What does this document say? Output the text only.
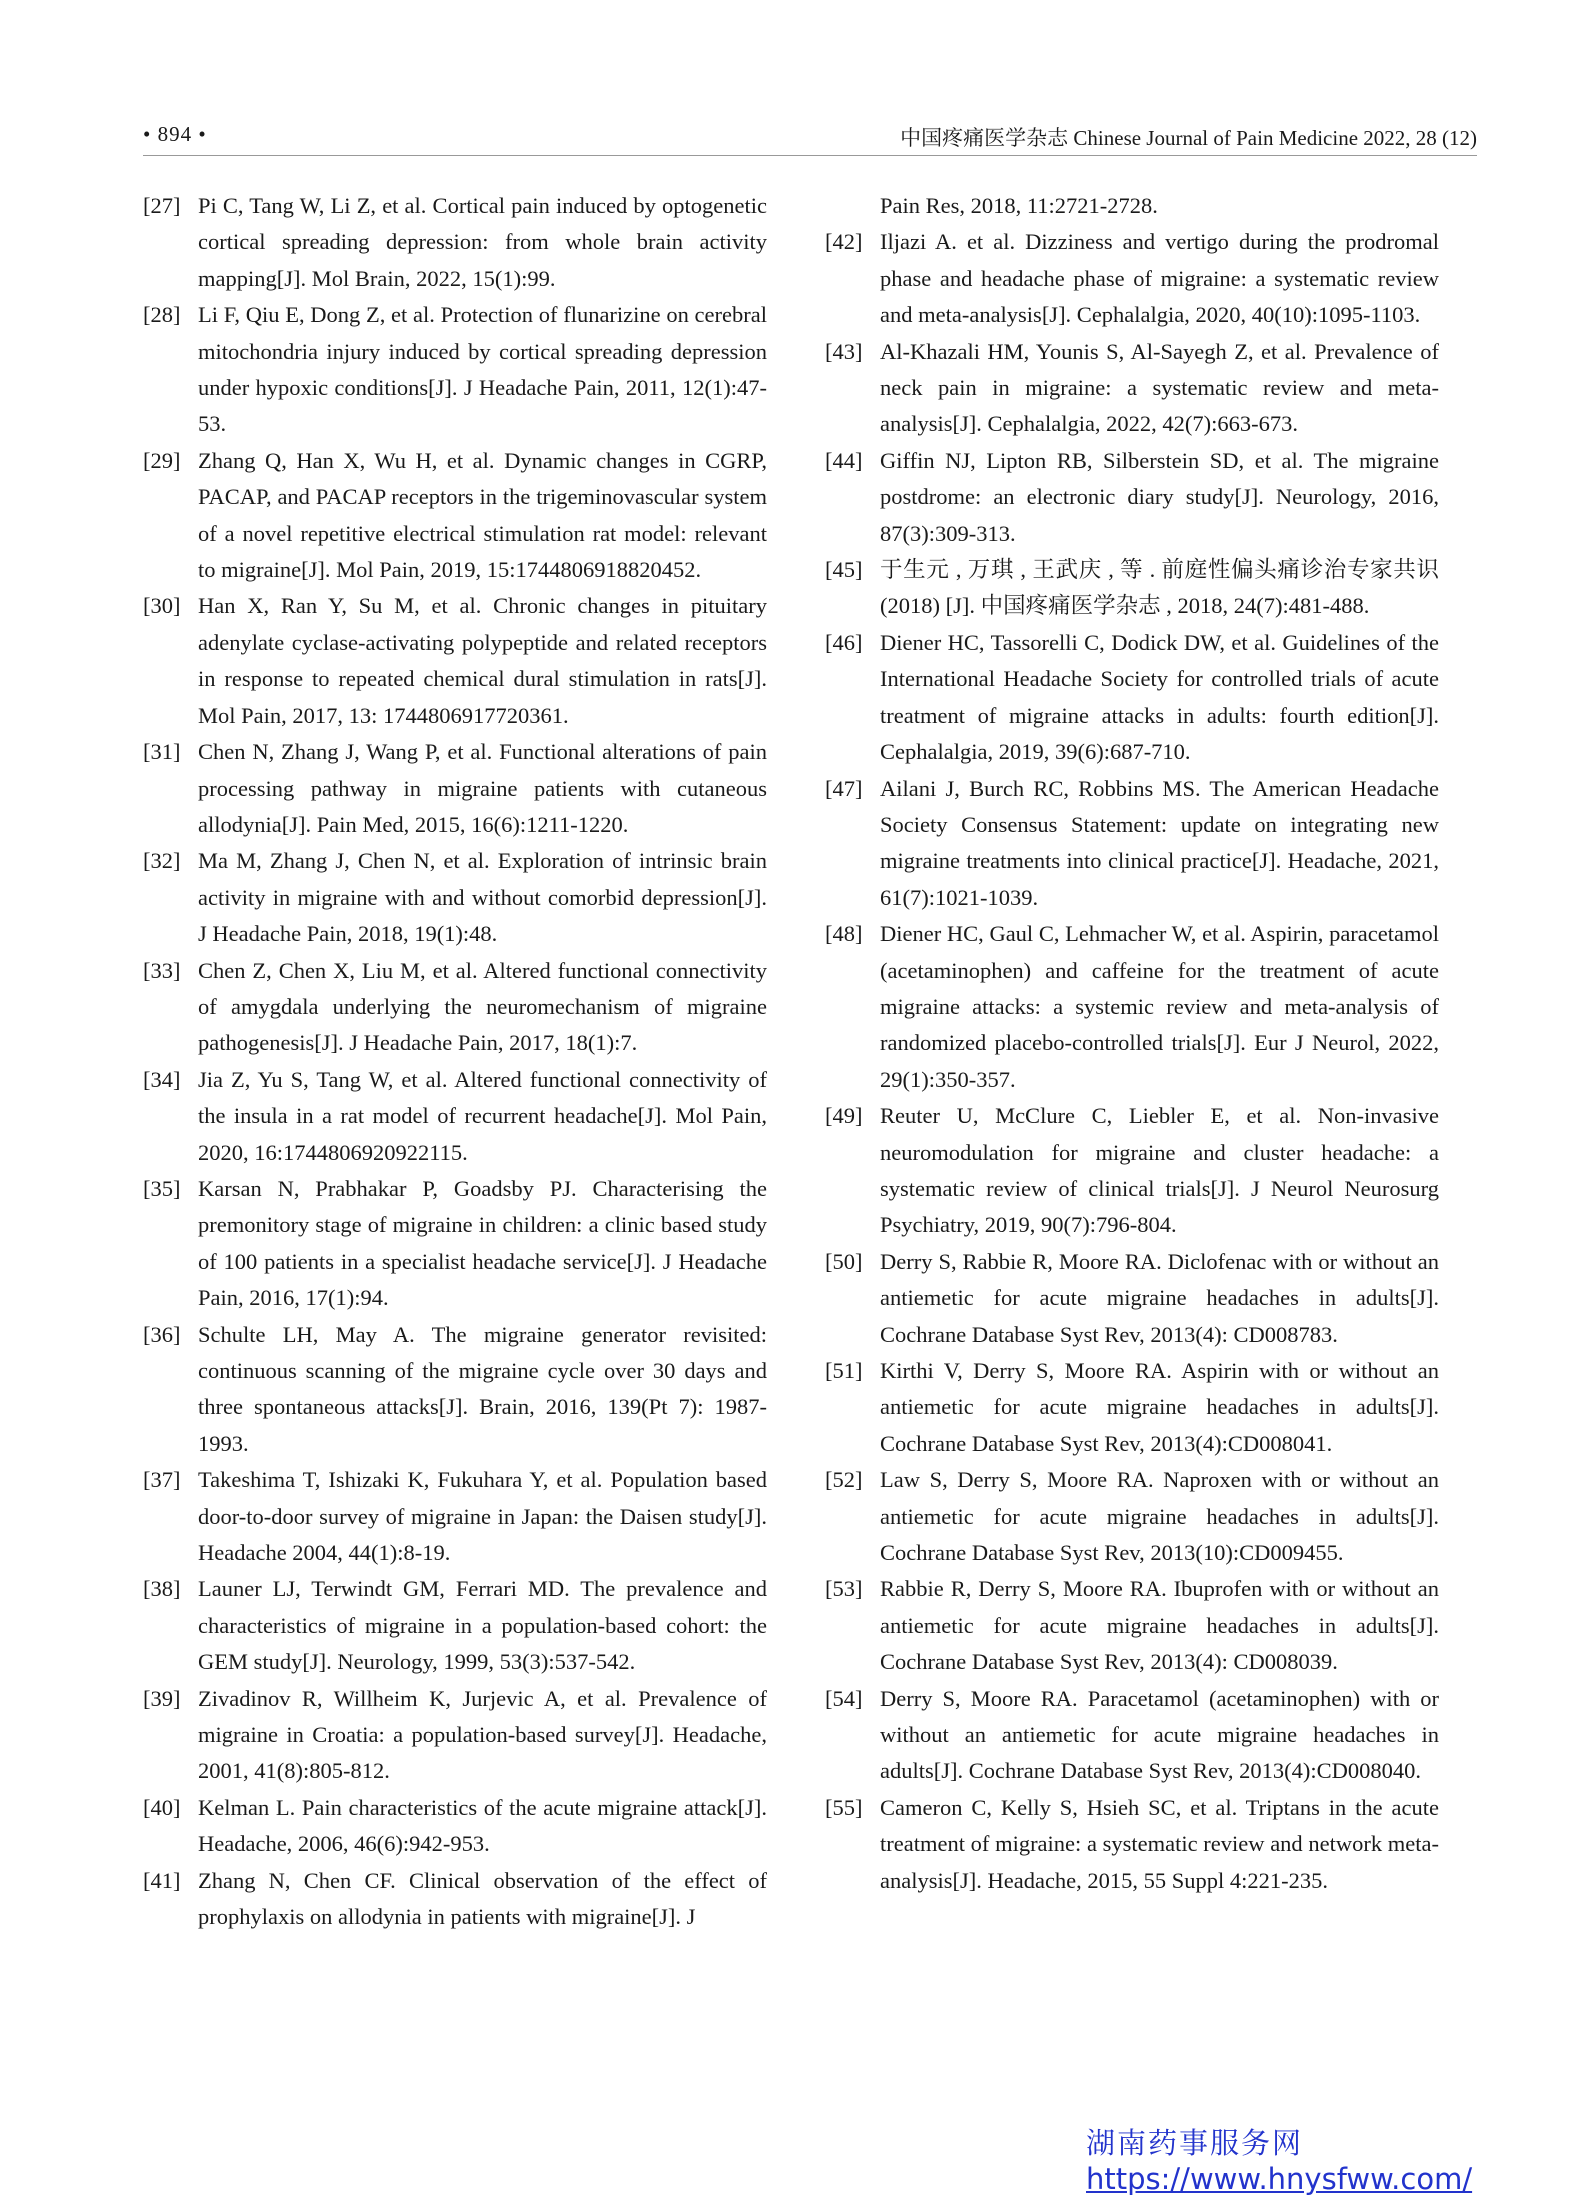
• 894 •	中国疼痛医学杂志 Chinese Journal of Pain Medicine 2022, 28 (12)
[27] Pi C, Tang W, Li Z, et al. Cortical pain induced by optogenetic cortical spreading depression: from whole brain activity mapping[J]. Mol Brain, 2022, 15(1):99.
[28] Li F, Qiu E, Dong Z, et al. Protection of flunarizine on cerebral mitochondria injury induced by cortical spreading depression under hypoxic conditions[J]. J Headache Pain, 2011, 12(1):47-53.
[29] Zhang Q, Han X, Wu H, et al. Dynamic changes in CGRP, PACAP, and PACAP receptors in the trigeminovascular system of a novel repetitive electrical stimulation rat model: relevant to migraine[J]. Mol Pain, 2019, 15:1744806918820452.
[30] Han X, Ran Y, Su M, et al. Chronic changes in pituitary adenylate cyclase-activating polypeptide and related receptors in response to repeated chemical dural stimulation in rats[J]. Mol Pain, 2017, 13: 1744806917720361.
[31] Chen N, Zhang J, Wang P, et al. Functional alterations of pain processing pathway in migraine patients with cutaneous allodynia[J]. Pain Med, 2015, 16(6):1211-1220.
[32] Ma M, Zhang J, Chen N, et al. Exploration of intrinsic brain activity in migraine with and without comorbid depression[J]. J Headache Pain, 2018, 19(1):48.
[33] Chen Z, Chen X, Liu M, et al. Altered functional connectivity of amygdala underlying the neuromechanism of migraine pathogenesis[J]. J Headache Pain, 2017, 18(1):7.
[34] Jia Z, Yu S, Tang W, et al. Altered functional connectivity of the insula in a rat model of recurrent headache[J]. Mol Pain, 2020, 16:1744806920922115.
[35] Karsan N, Prabhakar P, Goadsby PJ. Characterising the premonitory stage of migraine in children: a clinic based study of 100 patients in a specialist headache service[J]. J Headache Pain, 2016, 17(1):94.
[36] Schulte LH, May A. The migraine generator revisited: continuous scanning of the migraine cycle over 30 days and three spontaneous attacks[J]. Brain, 2016, 139(Pt 7): 1987-1993.
[37] Takeshima T, Ishizaki K, Fukuhara Y, et al. Population based door-to-door survey of migraine in Japan: the Daisen study[J]. Headache 2004, 44(1):8-19.
[38] Launer LJ, Terwindt GM, Ferrari MD. The prevalence and characteristics of migraine in a population-based cohort: the GEM study[J]. Neurology, 1999, 53(3):537-542.
[39] Zivadinov R, Willheim K, Jurjevic A, et al. Prevalence of migraine in Croatia: a population-based survey[J]. Headache, 2001, 41(8):805-812.
[40] Kelman L. Pain characteristics of the acute migraine attack[J]. Headache, 2006, 46(6):942-953.
[41] Zhang N, Chen CF. Clinical observation of the effect of prophylaxis on allodynia in patients with migraine[J]. J
Pain Res, 2018, 11:2721-2728.
[42] Iljazi A. et al. Dizziness and vertigo during the prodromal phase and headache phase of migraine: a systematic review and meta-analysis[J]. Cephalalgia, 2020, 40(10):1095-1103.
[43] Al-Khazali HM, Younis S, Al-Sayegh Z, et al. Prevalence of neck pain in migraine: a systematic review and meta-analysis[J]. Cephalalgia, 2022, 42(7):663-673.
[44] Giffin NJ, Lipton RB, Silberstein SD, et al. The migraine postdrome: an electronic diary study[J]. Neurology, 2016, 87(3):309-313.
[45] 于生元 , 万琪 , 王武庆 , 等 . 前庭性偏头痛诊治专家共识 (2018) [J]. 中国疼痛医学杂志 , 2018, 24(7):481-488.
[46] Diener HC, Tassorelli C, Dodick DW, et al. Guidelines of the International Headache Society for controlled trials of acute treatment of migraine attacks in adults: fourth edition[J]. Cephalalgia, 2019, 39(6):687-710.
[47] Ailani J, Burch RC, Robbins MS. The American Headache Society Consensus Statement: update on integrating new migraine treatments into clinical practice[J]. Headache, 2021, 61(7):1021-1039.
[48] Diener HC, Gaul C, Lehmacher W, et al. Aspirin, paracetamol (acetaminophen) and caffeine for the treatment of acute migraine attacks: a systemic review and meta-analysis of randomized placebo-controlled trials[J]. Eur J Neurol, 2022, 29(1):350-357.
[49] Reuter U, McClure C, Liebler E, et al. Non-invasive neuromodulation for migraine and cluster headache: a systematic review of clinical trials[J]. J Neurol Neurosurg Psychiatry, 2019, 90(7):796-804.
[50] Derry S, Rabbie R, Moore RA. Diclofenac with or without an antiemetic for acute migraine headaches in adults[J]. Cochrane Database Syst Rev, 2013(4): CD008783.
[51] Kirthi V, Derry S, Moore RA. Aspirin with or without an antiemetic for acute migraine headaches in adults[J]. Cochrane Database Syst Rev, 2013(4):CD008041.
[52] Law S, Derry S, Moore RA. Naproxen with or without an antiemetic for acute migraine headaches in adults[J]. Cochrane Database Syst Rev, 2013(10):CD009455.
[53] Rabbie R, Derry S, Moore RA. Ibuprofen with or without an antiemetic for acute migraine headaches in adults[J]. Cochrane Database Syst Rev, 2013(4): CD008039.
[54] Derry S, Moore RA. Paracetamol (acetaminophen) with or without an antiemetic for acute migraine headaches in adults[J]. Cochrane Database Syst Rev, 2013(4):CD008040.
[55] Cameron C, Kelly S, Hsieh SC, et al. Triptans in the acute treatment of migraine: a systematic review and network meta-analysis[J]. Headache, 2015, 55 Suppl 4:221-235.
湖南药事服务网
https://www.hnysfww.com/
